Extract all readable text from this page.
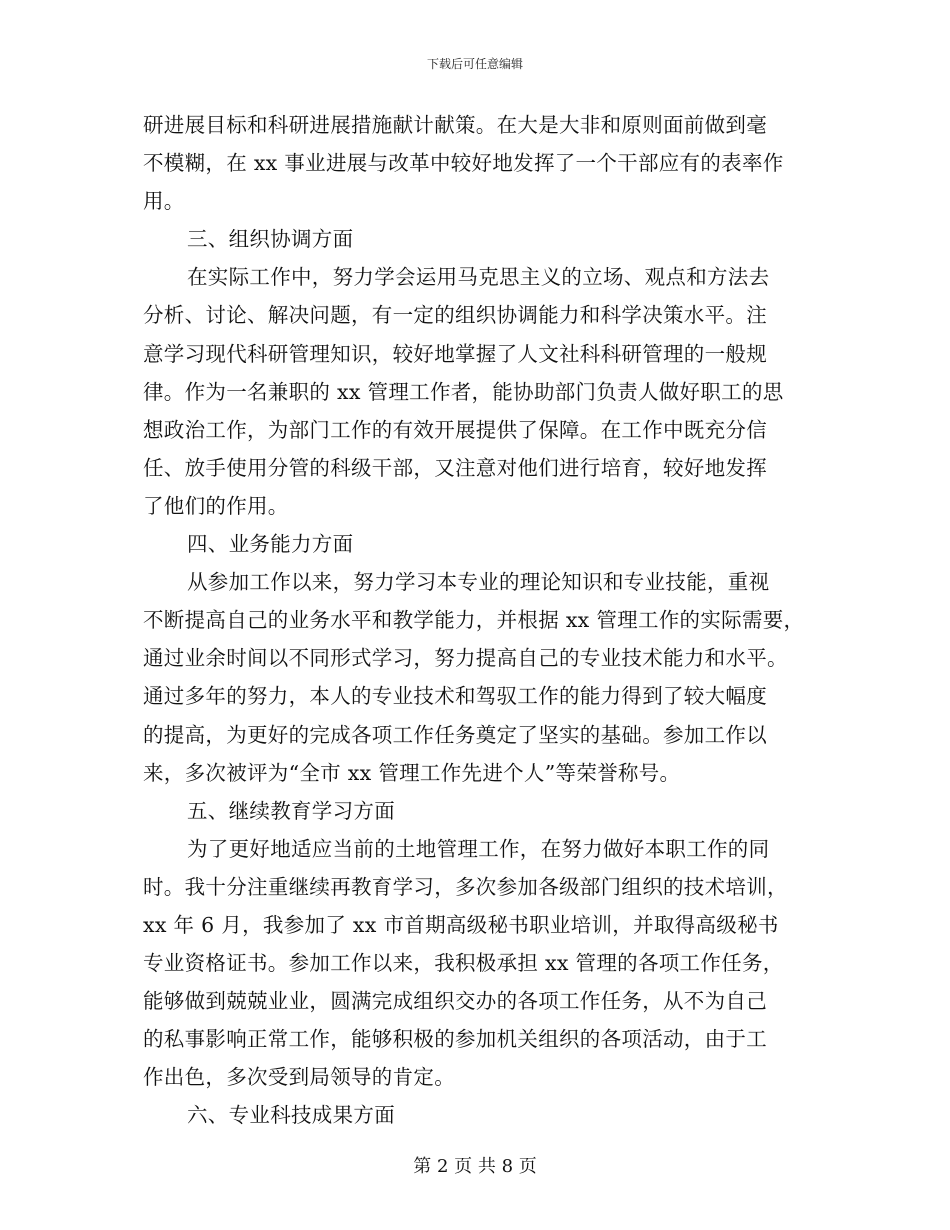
下载后可任意编辑
研进展目标和科研进展措施献计献策。在大是大非和原则面前做到毫
不模糊，在 xx 事业进展与改革中较好地发挥了一个干部应有的表率作
用。
三、组织协调方面
在实际工作中，努力学会运用马克思主义的立场、观点和方法去
分析、讨论、解决问题，有一定的组织协调能力和科学决策水平。注
意学习现代科研管理知识，较好地掌握了人文社科科研管理的一般规
律。作为一名兼职的 xx 管理工作者，能协助部门负责人做好职工的思
想政治工作，为部门工作的有效开展提供了保障。在工作中既充分信
任、放手使用分管的科级干部，又注意对他们进行培育，较好地发挥
了他们的作用。
四、业务能力方面
从参加工作以来，努力学习本专业的理论知识和专业技能，重视
不断提高自己的业务水平和教学能力，并根据 xx 管理工作的实际需要，
通过业余时间以不同形式学习，努力提高自己的专业技术能力和水平。
通过多年的努力，本人的专业技术和驾驭工作的能力得到了较大幅度
的提高，为更好的完成各项工作任务奠定了坚实的基础。参加工作以
来，多次被评为“全市 xx 管理工作先进个人”等荣誉称号。
五、继续教育学习方面
为了更好地适应当前的土地管理工作，在努力做好本职工作的同
时。我十分注重继续再教育学习，多次参加各级部门组织的技术培训，
xx 年 6 月，我参加了 xx 市首期高级秘书职业培训，并取得高级秘书
专业资格证书。参加工作以来，我积极承担 xx 管理的各项工作任务，
能够做到兢兢业业，圆满完成组织交办的各项工作任务，从不为自己
的私事影响正常工作，能够积极的参加机关组织的各项活动，由于工
作出色，多次受到局领导的肯定。
六、专业科技成果方面
第 2 页 共 8 页
